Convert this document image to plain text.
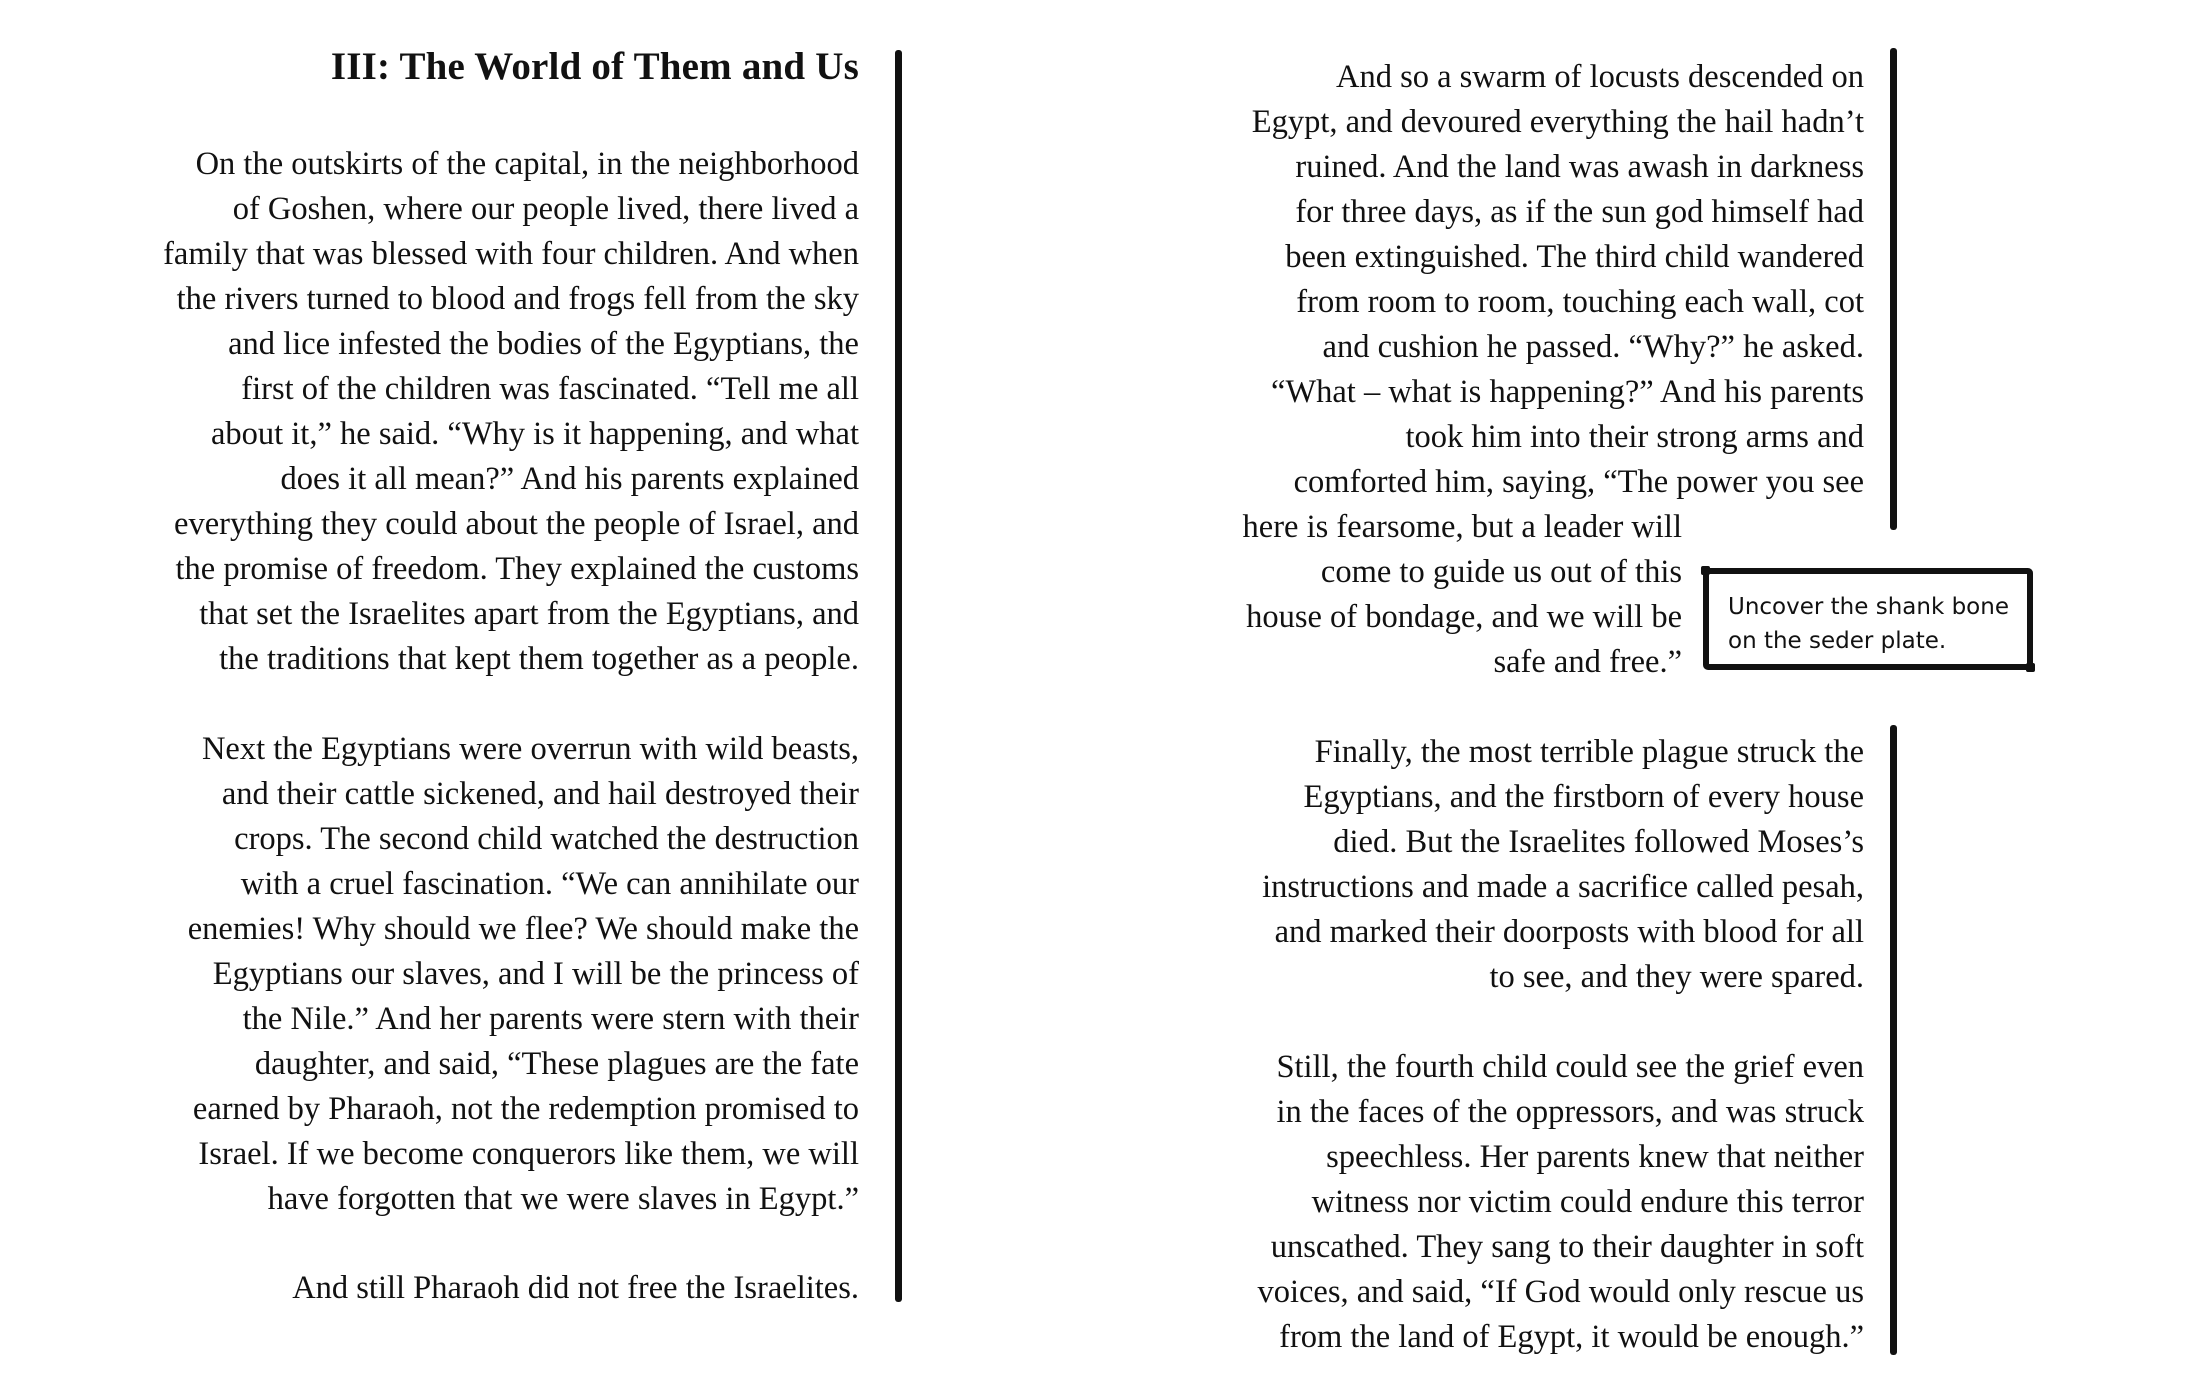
III: The World of Them and Us
On the outskirts of the capital, in the neighborhood
of Goshen, where our people lived, there lived a
family that was blessed with four children. And when
the rivers turned to blood and frogs fell from the sky
and lice infested the bodies of the Egyptians, the
first of the children was fascinated. “Tell me all
about it,” he said. “Why is it happening, and what
does it all mean?” And his parents explained
everything they could about the people of Israel, and
the promise of freedom. They explained the customs
that set the Israelites apart from the Egyptians, and
the traditions that kept them together as a people.
Next the Egyptians were overrun with wild beasts,
and their cattle sickened, and hail destroyed their
crops. The second child watched the destruction
with a cruel fascination. “We can annihilate our
enemies! Why should we flee? We should make the
Egyptians our slaves, and I will be the princess of
the Nile.” And her parents were stern with their
daughter, and said, “These plagues are the fate
earned by Pharaoh, not the redemption promised to
Israel. If we become conquerors like them, we will
have forgotten that we were slaves in Egypt.”
And still Pharaoh did not free the Israelites.
And so a swarm of locusts descended on
Egypt, and devoured everything the hail hadn’t
ruined. And the land was awash in darkness
for three days, as if the sun god himself had
been extinguished. The third child wandered
from room to room, touching each wall, cot
and cushion he passed. “Why?” he asked.
“What – what is happening?” And his parents
took him into their strong arms and
comforted him, saying, “The power you see
here is fearsome, but a leader will
come to guide us out of this
house of bondage, and we will be
safe and free.”
Uncover the shank bone
on the seder plate.
Finally, the most terrible plague struck the
Egyptians, and the firstborn of every house
died. But the Israelites followed Moses’s
instructions and made a sacrifice called pesah,
and marked their doorposts with blood for all
to see, and they were spared.
Still, the fourth child could see the grief even
in the faces of the oppressors, and was struck
speechless. Her parents knew that neither
witness nor victim could endure this terror
unscathed. They sang to their daughter in soft
voices, and said, “If God would only rescue us
from the land of Egypt, it would be enough.”
